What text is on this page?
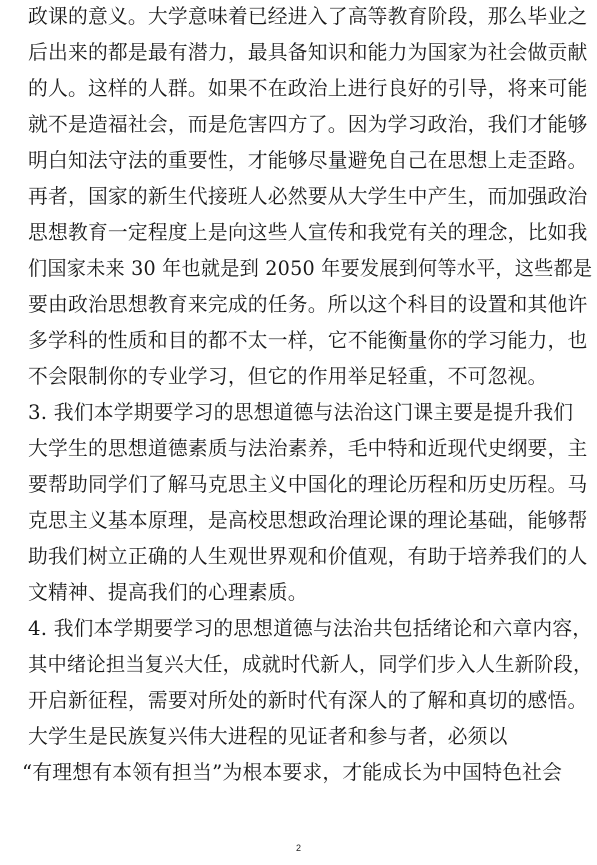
政课的意义。大学意味着已经进入了高等教育阶段，那么毕业之
后出来的都是最有潜力，最具备知识和能力为国家为社会做贡献
的人。这样的人群。如果不在政治上进行良好的引导，将来可能
就不是造福社会，而是危害四方了。因为学习政治，我们才能够
明白知法守法的重要性，才能够尽量避免自己在思想上走歪路。
再者，国家的新生代接班人必然要从大学生中产生，而加强政治
思想教育一定程度上是向这些人宣传和我党有关的理念，比如我
们国家未来 30 年也就是到 2050 年要发展到何等水平，这些都是
要由政治思想教育来完成的任务。所以这个科目的设置和其他许
多学科的性质和目的都不太一样，它不能衡量你的学习能力，也
不会限制你的专业学习，但它的作用举足轻重，不可忽视。
3. 我们本学期要学习的思想道德与法治这门课主要是提升我们
大学生的思想道德素质与法治素养，毛中特和近现代史纲要，主
要帮助同学们了解马克思主义中国化的理论历程和历史历程。马
克思主义基本原理，是高校思想政治理论课的理论基础，能够帮
助我们树立正确的人生观世界观和价值观，有助于培养我们的人
文精神、提高我们的心理素质。
4. 我们本学期要学习的思想道德与法治共包括绪论和六章内容，
其中绪论担当复兴大任，成就时代新人，同学们步入人生新阶段，
开启新征程，需要对所处的新时代有深人的了解和真切的感悟。
大学生是民族复兴伟大进程的见证者和参与者，必须以
“有理想有本领有担当”为根本要求，才能成长为中国特色社会
2
